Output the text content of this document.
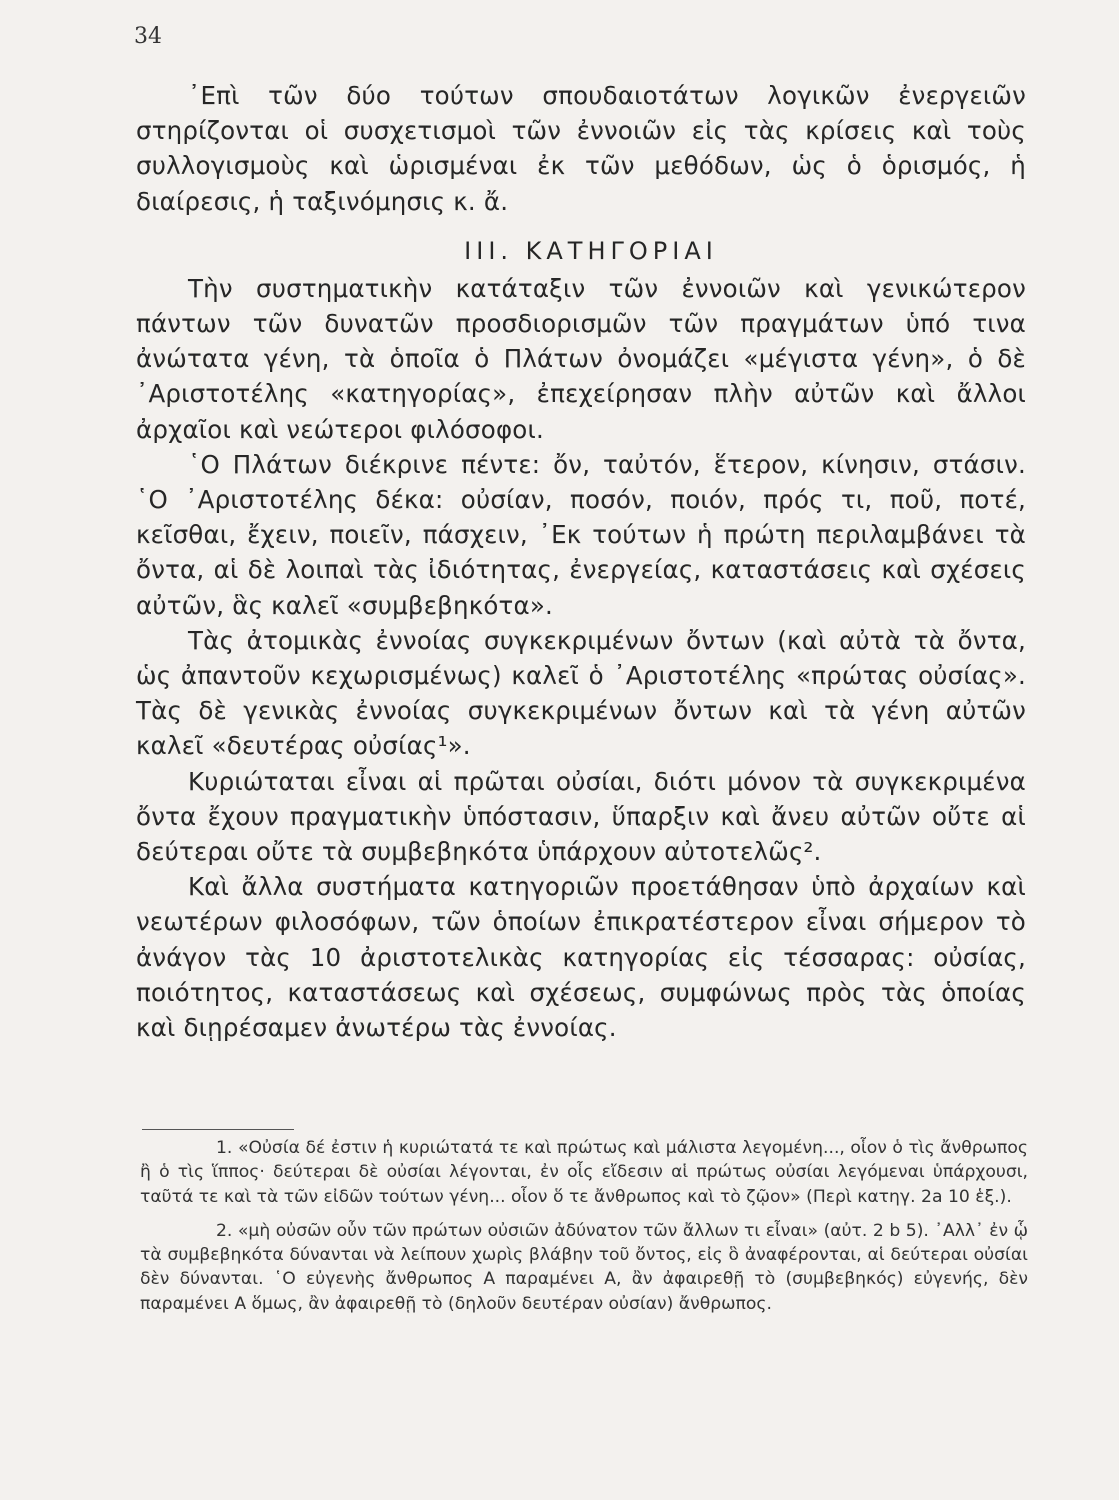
34

᾽Επὶ τῶν δύο τούτων σπουδαιοτάτων λογικῶν ἐνεργειῶν στηρίζονται οἱ συσχετισμοὶ τῶν ἐννοιῶν εἰς τὰς κρίσεις καὶ τοὺς συλλογισμοὺς καὶ ὡρισμέναι ἐκ τῶν μεθόδων, ὡς ὁ ὁρισμός, ἡ διαίρεσις, ἡ ταξινόμησις κ. ἄ.

III. ΚΑΤΗΓΟΡΙΑΙ

Τὴν συστηματικὴν κατάταξιν τῶν ἐννοιῶν καὶ γενικώτερον πάντων τῶν δυνατῶν προσδιορισμῶν τῶν πραγμάτων ὑπό τινα ἀνώτατα γένη, τὰ ὁποῖα ὁ Πλάτων ὀνομάζει «μέγιστα γένη», ὁ δὲ ᾽Αριστοτέλης «κατηγορίας», ἐπεχείρησαν πλὴν αὐτῶν καὶ ἄλλοι ἀρχαῖοι καὶ νεώτεροι φιλόσοφοι.

῾Ο Πλάτων διέκρινε πέντε: ὄν, ταὐτόν, ἕτερον, κίνησιν, στάσιν. ῾Ο ᾽Αριστοτέλης δέκα: οὐσίαν, ποσόν, ποιόν, πρός τι, ποῦ, ποτέ, κεῖσθαι, ἔχειν, ποιεῖν, πάσχειν, ᾽Εκ τούτων ἡ πρώτη περιλαμβάνει τὰ ὄντα, αἱ δὲ λοιπαὶ τὰς ἰδιότητας, ἐνεργείας, καταστάσεις καὶ σχέσεις αὐτῶν, ἃς καλεῖ «συμβεβηκότα».

Τὰς ἀτομικὰς ἐννοίας συγκεκριμένων ὄντων (καὶ αὐτὰ τὰ ὄντα, ὡς ἀπαντοῦν κεχωρισμένως) καλεῖ ὁ ᾽Αριστοτέλης «πρώτας οὐσίας». Τὰς δὲ γενικὰς ἐννοίας συγκεκριμένων ὄντων καὶ τὰ γένη αὐτῶν καλεῖ «δευτέρας οὐσίας¹».

Κυριώταται εἶναι αἱ πρῶται οὐσίαι, διότι μόνον τὰ συγκεκριμένα ὄντα ἔχουν πραγματικὴν ὑπόστασιν, ὕπαρξιν καὶ ἄνευ αὐτῶν οὔτε αἱ δεύτεραι οὔτε τὰ συμβεβηκότα ὑπάρχουν αὐτοτελῶς².

Καὶ ἄλλα συστήματα κατηγοριῶν προετάθησαν ὑπὸ ἀρχαίων καὶ νεωτέρων φιλοσόφων, τῶν ὁποίων ἐπικρατέστερον εἶναι σήμερον τὸ ἀνάγον τὰς 10 ἀριστοτελικὰς κατηγορίας εἰς τέσσαρας: οὐσίας, ποιότητος, καταστάσεως καὶ σχέσεως, συμφώνως πρὸς τὰς ὁποίας καὶ διῃρέσαμεν ἀνωτέρω τὰς ἐννοίας.

1. «Οὐσία δέ ἐστιν ἡ κυριώτατά τε καὶ πρώτως καὶ μάλιστα λεγομένη..., οἷον ὁ τὶς ἄνθρωπος ἢ ὁ τὶς ἵππος· δεύτεραι δὲ οὐσίαι λέγονται, ἐν οἷς εἴδεσιν αἱ πρώτως οὐσίαι λεγόμεναι ὑπάρχουσι, ταῦτά τε καὶ τὰ τῶν εἰδῶν τούτων γένη... οἷον ὅ τε ἄνθρωπος καὶ τὸ ζῷον» (Περὶ κατηγ. 2a 10 ἑξ.).

2. «μὴ οὐσῶν οὖν τῶν πρώτων οὐσιῶν ἀδύνατον τῶν ἄλλων τι εἶναι» (αὐτ. 2 b 5). ᾽Αλλ᾽ ἐν ᾧ τὰ συμβεβηκότα δύνανται νὰ λείπουν χωρὶς βλάβην τοῦ ὄντος, εἰς ὃ ἀναφέρονται, αἱ δεύτεραι οὐσίαι δὲν δύνανται. ῾Ο εὐγενὴς ἄνθρωπος Α παραμένει Α, ἂν ἀφαιρεθῇ τὸ (συμβεβηκός) εὐγενής, δὲν παραμένει Α ὅμως, ἂν ἀφαιρεθῇ τὸ (δηλοῦν δευτέραν οὐσίαν) ἄνθρωπος.
